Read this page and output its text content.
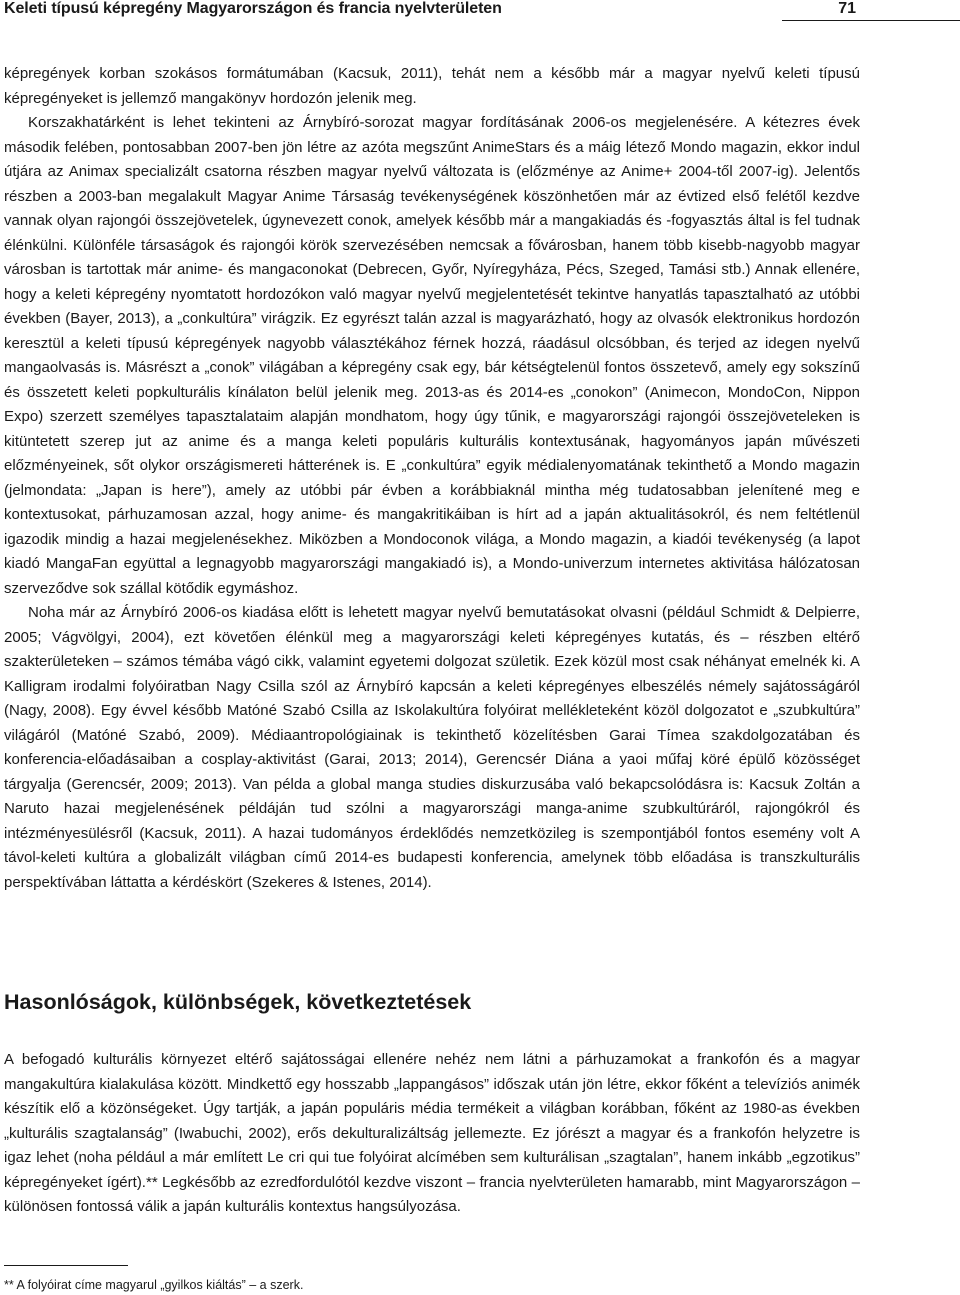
Keleti típusú képregény Magyarországon és francia nyelvterületen	71

képregények korban szokásos formátumában (Kacsuk, 2011), tehát nem a később már a magyar nyelvű keleti típusú képregényeket is jellemző mangakönyv hordozón jelenik meg.

Korszakhatárként is lehet tekinteni az Árnybíró-sorozat magyar fordításának 2006-os megjelenésére. A kétezres évek második felében, pontosabban 2007-ben jön létre az azóta megszűnt AnimeStars és a máig létező Mondo magazin, ekkor indul útjára az Animax specializált csatorna részben magyar nyelvű változata is (előzménye az Anime+ 2004-től 2007-ig). Jelentős részben a 2003-ban megalakult Magyar Anime Társaság tevékenységének köszönhetően már az évtized első felétől kezdve vannak olyan rajongói összejövetelek, úgynevezett conok, amelyek később már a mangakiadás és -fogyasztás által is fel tudnak élénkülni. Különféle társaságok és rajongói körök szervezésében nemcsak a fővárosban, hanem több kisebb-nagyobb magyar városban is tartottak már anime- és mangaconokat (Debrecen, Győr, Nyíregyháza, Pécs, Szeged, Tamási stb.) Annak ellenére, hogy a keleti képregény nyomtatott hordozókon való magyar nyelvű megjelentetését tekintve hanyatlás tapasztalható az utóbbi években (Bayer, 2013), a „conkultúra” virágzik. Ez egyrészt talán azzal is magyarázható, hogy az olvasók elektronikus hordozón keresztül a keleti típusú képregények nagyobb választékához férnek hozzá, ráadásul olcsóbban, és terjed az idegen nyelvű mangaolvasás is. Másrészt a „conok” világában a képregény csak egy, bár kétségtelenül fontos összetevő, amely egy sokszínű és összetett keleti popkulturális kínálaton belül jelenik meg. 2013-as és 2014-es „conokon” (Animecon, MondoCon, Nippon Expo) szerzett személyes tapasztalataim alapján mondhatom, hogy úgy tűnik, e magyarországi rajongói összejöveteleken is kitüntetett szerep jut az anime és a manga keleti populáris kulturális kontextusának, hagyományos japán művészeti előzményeinek, sőt olykor országismereti hátterének is. E „conkultúra” egyik médialenyomatának tekinthető a Mondo magazin (jelmondata: „Japan is here”), amely az utóbbi pár évben a korábbiaknál mintha még tudatosabban jelenítené meg e kontextusokat, párhuzamosan azzal, hogy anime- és mangakritikáiban is hírt ad a japán aktualitásokról, és nem feltétlenül igazodik mindig a hazai megjelenésekhez. Miközben a Mondoconok világa, a Mondo magazin, a kiadói tevékenység (a lapot kiadó MangaFan együttal a legnagyobb magyarországi mangakiadó is), a Mondo-univerzum internetes aktivitása hálózatosan szerveződve sok szállal kötődik egymáshoz.

Noha már az Árnybíró 2006-os kiadása előtt is lehetett magyar nyelvű bemutatásokat olvasni (például Schmidt & Delpierre, 2005; Vágvölgyi, 2004), ezt követően élénkül meg a magyarországi keleti képregényes kutatás, és – részben eltérő szakterületeken – számos témába vágó cikk, valamint egyetemi dolgozat születik. Ezek közül most csak néhányat emelnék ki. A Kalligram irodalmi folyóiratban Nagy Csilla szól az Árnybíró kapcsán a keleti képregényes elbeszélés némely sajátosságáról (Nagy, 2008). Egy évvel később Matóné Szabó Csilla az Iskolakultúra folyóirat mellékleteként közöl dolgozatot e „szubkultúra” világáról (Matóné Szabó, 2009). Médiaantropológiainak is tekinthető közelítésben Garai Tímea szakdolgozatában és konferencia-előadásaiban a cosplay-aktivitást (Garai, 2013; 2014), Gerencsér Diána a yaoi műfaj köré épülő közösséget tárgyalja (Gerencsér, 2009; 2013). Van példa a global manga studies diskurzusába való bekapcsolódásra is: Kacsuk Zoltán a Naruto hazai megjelenésének példáján tud szólni a magyarországi manga-anime szubkultúráról, rajongókról és intézményesülésről (Kacsuk, 2011). A hazai tudományos érdeklődés nemzetközileg is szempontjából fontos esemény volt A távol-keleti kultúra a globalizált világban című 2014-es budapesti konferencia, amelynek több előadása is transzkulturális perspektívában láttatta a kérdéskört (Szekeres & Istenes, 2014).

Hasonlóságok, különbségek, következtetések

A befogadó kulturális környezet eltérő sajátosságai ellenére nehéz nem látni a párhuzamokat a frankofón és a magyar mangakultúra kialakulása között. Mindkettő egy hosszabb „lappangásos” időszak után jön létre, ekkor főként a televíziós animék készítik elő a közönségeket. Úgy tartják, a japán populáris média termékeit a világban korábban, főként az 1980-as években „kulturális szagtalanság” (Iwabuchi, 2002), erős dekulturalizáltság jellemezte. Ez jórészt a magyar és a frankofón helyzetre is igaz lehet (noha például a már említett Le cri qui tue folyóirat alcímében sem kulturálisan „szagtalan”, hanem inkább „egzotikus” képregényeket ígért).** Legkésőbb az ezredfordulótól kezdve viszont – francia nyelvterületen hamarabb, mint Magyarországon – különösen fontossá válik a japán kulturális kontextus hangsúlyozása.

** A folyóirat címe magyarul „gyilkos kiáltás” – a szerk.
